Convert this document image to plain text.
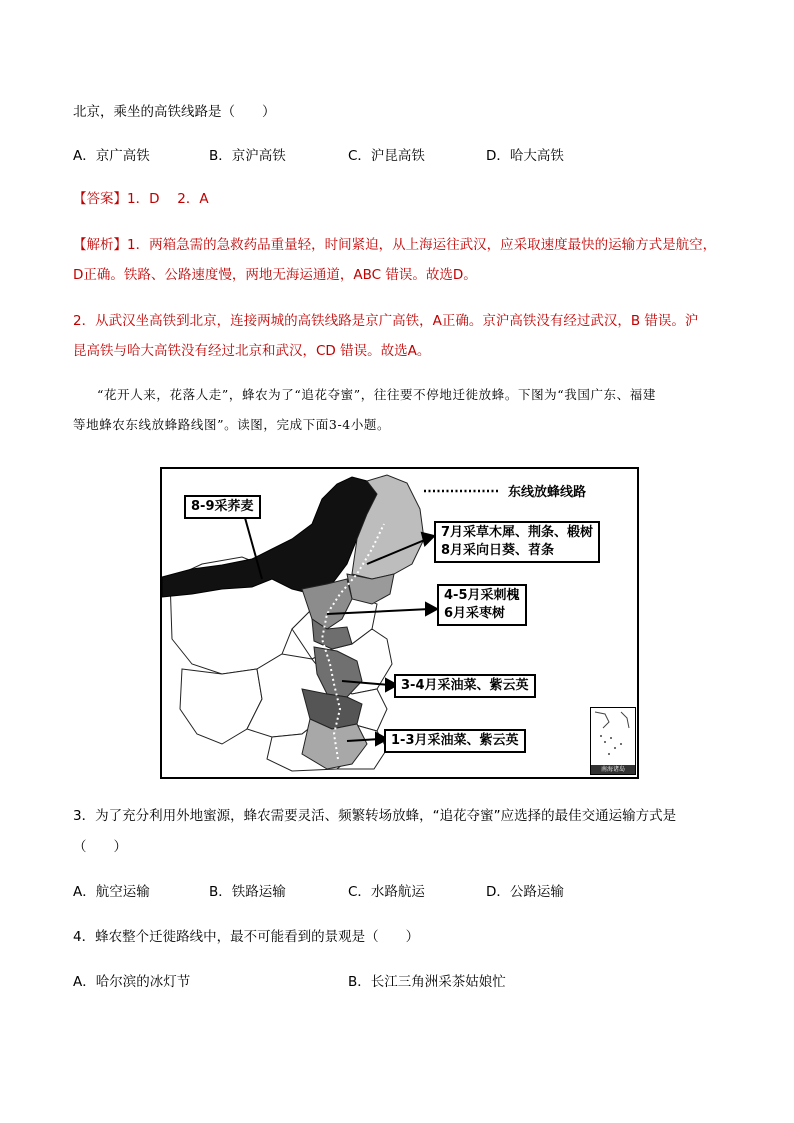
北京，乘坐的高铁线路是（　　）
A．京广高铁	B．京沪高铁	C．沪昆高铁	D．哈大高铁
【答案】1．D　 2．A
【解析】1．两箱急需的急救药品重量轻，时间紧迫，从上海运往武汉，应采取速度最快的运输方式是航空，
D正确。铁路、公路速度慢，两地无海运通道，ABC 错误。故选D。
2．从武汉坐高铁到北京，连接两城的高铁线路是京广高铁，A正确。京沪高铁没有经过武汉，B 错误。沪
昆高铁与哈大高铁没有经过北京和武汉，CD 错误。故选A。
“花开人来，花落人走”，蜂农为了“追花夺蜜”，往往要不停地迁徙放蜂。下图为“我国广东、福建
等地蜂农东线放蜂路线图”。读图，完成下面3-4小题。
东线放蜂线路
8-9采荞麦
7月采草木犀、荆条、椴树
8月采向日葵、苕条
4-5月采刺槐
6月采枣树
3-4月采油菜、紫云英
1-3月采油菜、紫云英
南海诸岛
3．为了充分利用外地蜜源，蜂农需要灵活、频繁转场放蜂，“追花夺蜜”应选择的最佳交通运输方式是
（　　）
A．航空运输	B．铁路运输	C．水路航运	D．公路运输
4．蜂农整个迁徙路线中，最不可能看到的景观是（　　）
A．哈尔滨的冰灯节	B．长江三角洲采茶姑娘忙
